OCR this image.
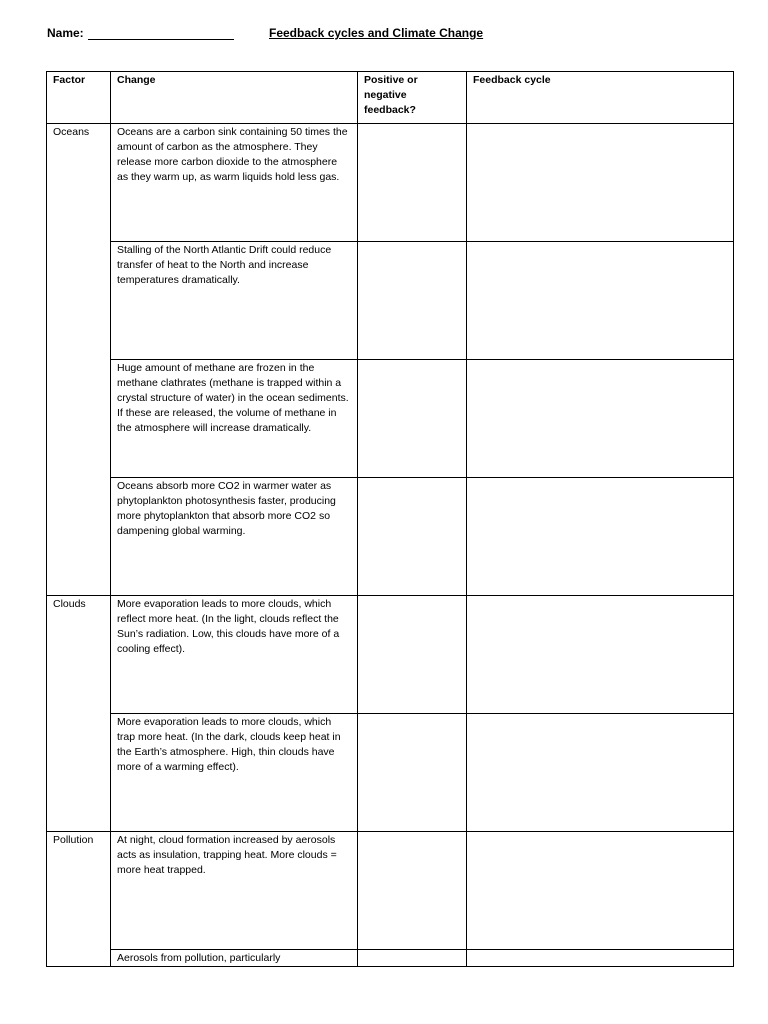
Name:	Feedback cycles and Climate Change
Factor	Change	Positive or negative feedback?	Feedback cycle
Oceans	Oceans are a carbon sink containing 50 times the amount of carbon as the atmosphere. They release more carbon dioxide to the atmosphere as they warm up, as warm liquids hold less gas.		
	Stalling of the North Atlantic Drift could reduce transfer of heat to the North and increase temperatures dramatically.		
	Huge amount of methane are frozen in the methane clathrates (methane is trapped within a crystal structure of water) in the ocean sediments. If these are released, the volume of methane in the atmosphere will increase dramatically.		
	Oceans absorb more CO2 in warmer water as phytoplankton photosynthesis faster, producing more phytoplankton that absorb more CO2 so dampening global warming.		
Clouds	More evaporation leads to more clouds, which reflect more heat. (In the light, clouds reflect the Sun’s radiation. Low, this clouds have more of a cooling effect).		
	More evaporation leads to more clouds, which trap more heat. (In the dark, clouds keep heat in the Earth’s atmosphere. High, thin clouds have more of a warming effect).		
Pollution	At night, cloud formation increased by aerosols acts as insulation, trapping heat. More clouds = more heat trapped.		
	Aerosols from pollution, particularly		
